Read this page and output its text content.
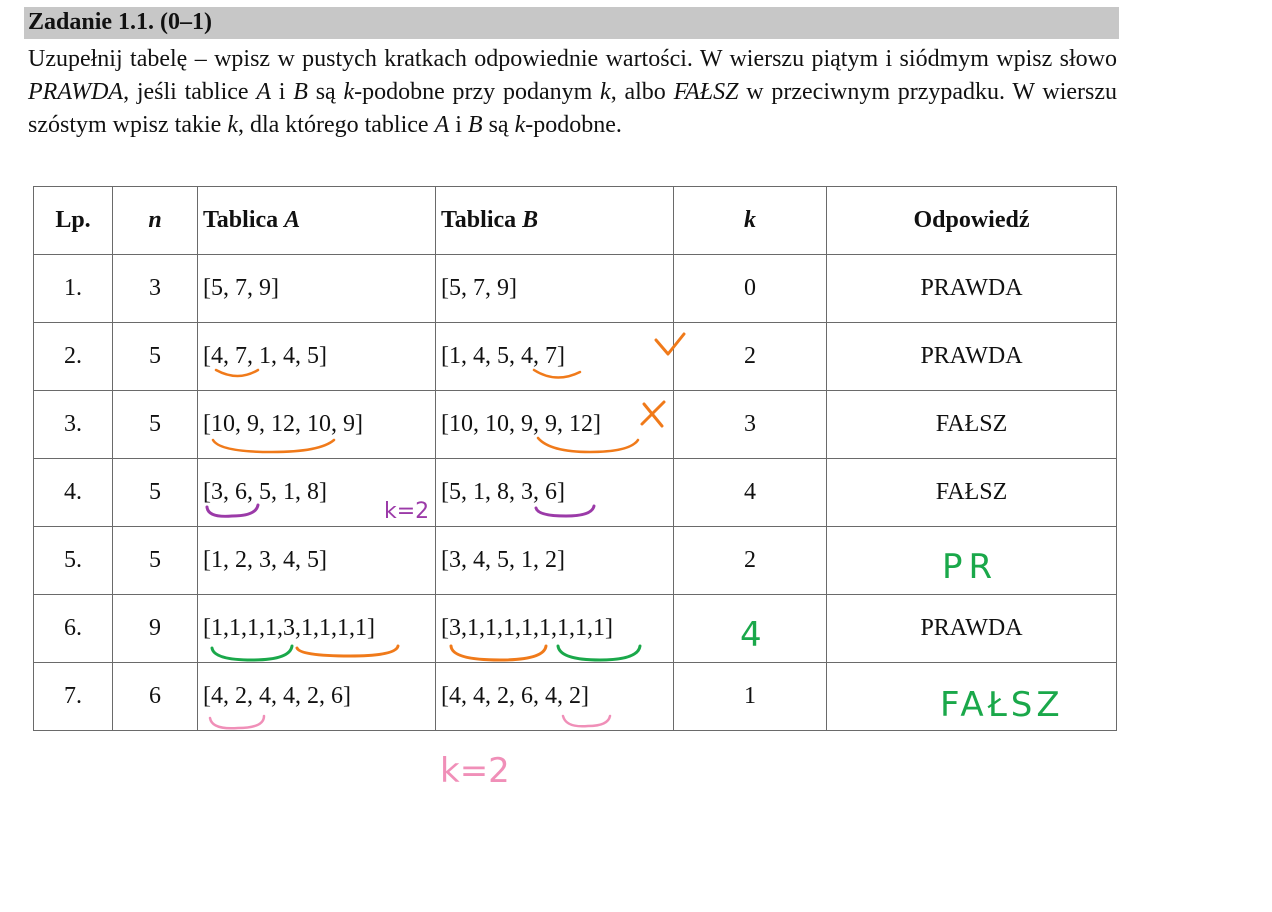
Zadanie 1.1. (0–1)
Uzupełnij tabelę – wpisz w pustych kratkach odpowiednie wartości. W wierszu piątym i siódmym wpisz słowo PRAWDA, jeśli tablice A i B są k-podobne przy podanym k, albo FAŁSZ w przeciwnym przypadku. W wierszu szóstym wpisz takie k, dla którego tablice A i B są k-podobne.
Lp.	n	Tablica A	Tablica B	k	Odpowiedź
1.	3	[5, 7, 9]	[5, 7, 9]	0	PRAWDA
2.	5	[4, 7, 1, 4, 5]	[1, 4, 5, 4, 7]	2	PRAWDA
3.	5	[10, 9, 12, 10, 9]	[10, 10, 9, 9, 12]	3	FAŁSZ
4.	5	[3, 6, 5, 1, 8]	[5, 1, 8, 3, 6]	4	FAŁSZ
5.	5	[1, 2, 3, 4, 5]	[3, 4, 5, 1, 2]	2	
6.	9	[1,1,1,1,3,1,1,1,1]	[3,1,1,1,1,1,1,1,1]		PRAWDA
7.	6	[4, 2, 4, 4, 2, 6]	[4, 4, 2, 6, 4, 2]	1	
k=2
PR
4
FAŁSZ
k=2
